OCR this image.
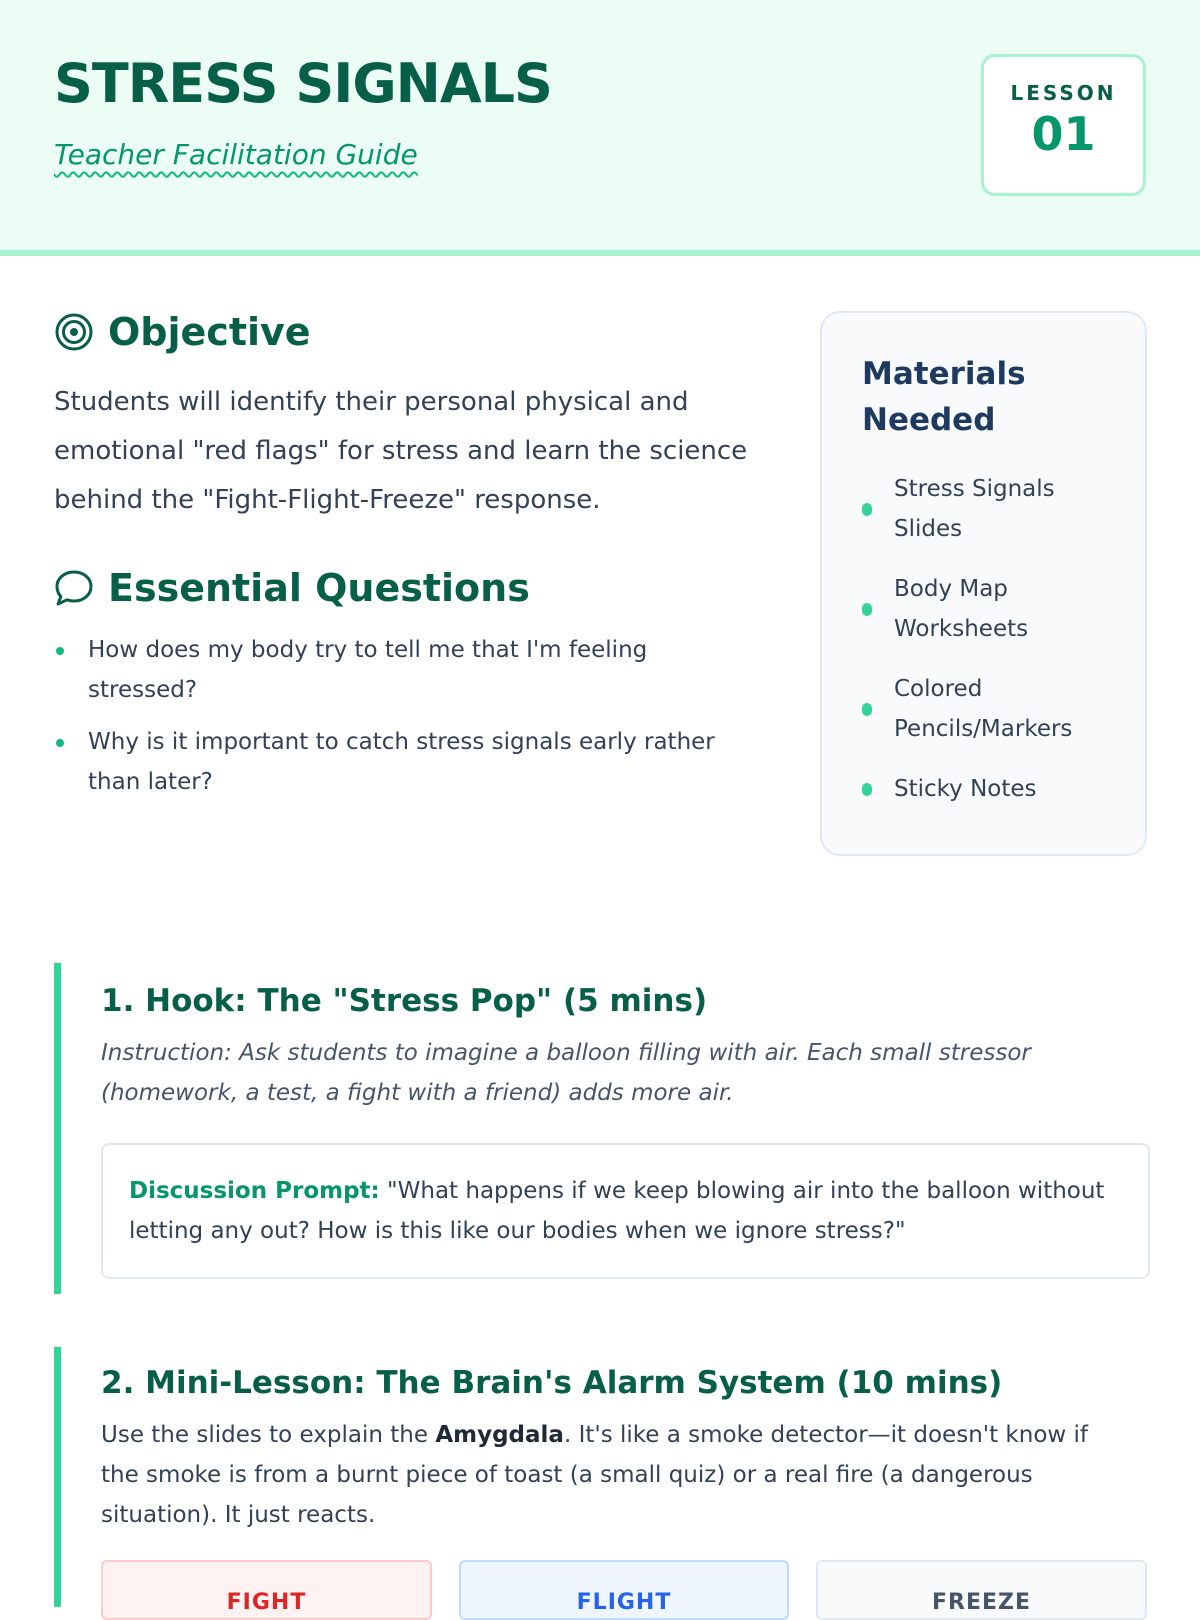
STRESS SIGNALS
Teacher Facilitation Guide
LESSON
01
Objective

Students will identify their personal physical and emotional "red flags" for stress and learn the science behind the "Fight-Flight-Freeze" response.

Essential Questions
How does my body try to tell me that I'm feeling stressed?
Why is it important to catch stress signals early rather than later?
Materials Needed
Stress Signals Slides
Body Map Worksheets
Colored Pencils/Markers
Sticky Notes
1. Hook: The "Stress Pop" (5 mins)
Instruction: Ask students to imagine a balloon filling with air. Each small stressor (homework, a test, a fight with a friend) adds more air.
Discussion Prompt: "What happens if we keep blowing air into the balloon without letting any out? How is this like our bodies when we ignore stress?"
2. Mini-Lesson: The Brain's Alarm System (10 mins)
Use the slides to explain the Amygdala. It's like a smoke detector—it doesn't know if the smoke is from a burnt piece of toast (a small quiz) or a real fire (a dangerous situation). It just reacts.
FIGHT	FLIGHT	FREEZE
